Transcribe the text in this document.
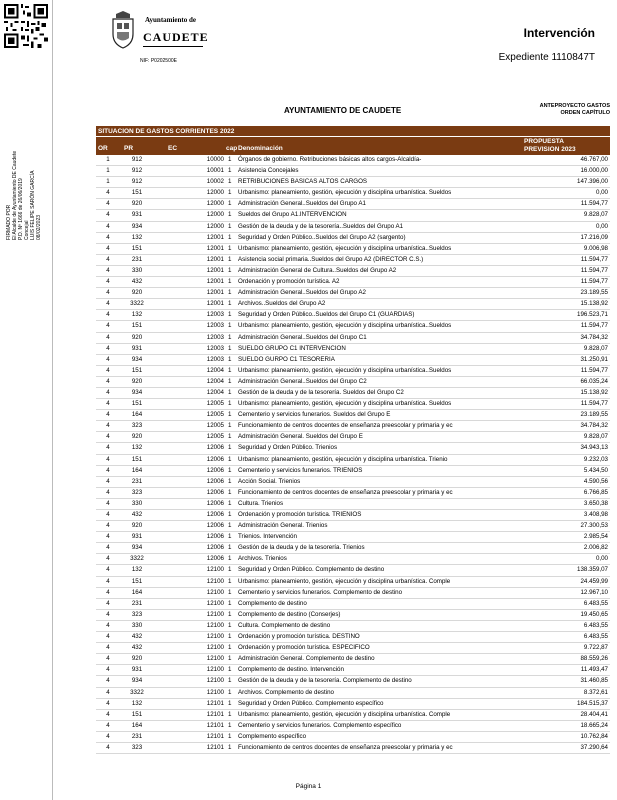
FIRMADO POR El Alcalde de Ayuntamiento DE Caudete P.D. Nº 1666 de 26/06/2019 Concejal LUIS FELIPE SARÓN GARCÍA 08/02/2023
Ayuntamiento de
CAUDETE
NIF: P0202500E
Intervención
Expediente 1110847T
AYUNTAMIENTO DE CAUDETE	ANTEPROYECTO GASTOS
ORDEN CAPÍTULO
SITUACION DE GASTOS CORRIENTES 2022
OR	PR	EC	cap Denominación
PROPUESTA
PREVISION 2023
1	912	10000 1	Órganos de gobierno. Retribuciones básicas altos cargos-Alcaldía-	46.767,00
1	912	10001 1	Asistencia Concejales	16.000,00
1	912	10002 1	RETRIBUCIONES BASICAS ALTOS CARGOS	147.396,00
4	151	12000 1	Urbanismo: planeamiento, gestión, ejecución y disciplina urbanística. Sueldos	0,00
4	920	12000 1	Administración General..Sueldos del Grupo A1	11.594,77
4	931	12000 1	Sueldos del Grupo A1.INTERVENCION	9.828,07
4	934	12000 1	Gestión de la deuda y de la tesorería..Sueldos del Grupo A1	0,00
4	132	12001 1	Seguridad y Orden Público..Sueldos del Grupo A2 (sargento)	17.216,09
4	151	12001 1	Urbanismo: planeamiento, gestión, ejecución y disciplina urbanística..Sueldos	9.006,98
4	231	12001 1	Asistencia social primaria..Sueldos del Grupo A2 (DIRECTOR C.S.)	11.594,77
4	330	12001 1	Administración General de Cultura..Sueldos del Grupo A2	11.594,77
4	432	12001 1	Ordenación y promoción turística. A2	11.594,77
4	920	12001 1	Administración General..Sueldos del Grupo A2	23.189,55
4	3322	12001 1	Archivos..Sueldos del Grupo A2	15.138,92
4	132	12003 1	Seguridad y Orden Público..Sueldos del Grupo C1 (GUARDIAS)	196.523,71
4	151	12003 1	Urbanismo: planeamiento, gestión, ejecución y disciplina urbanística..Sueldos	11.594,77
4	920	12003 1	Administración General..Sueldos del Grupo C1	34.784,32
4	931	12003 1	SUELDO GRUPO C1 INTERVENCION	9.828,07
4	934	12003 1	SUELDO GURPO C1 TESORERIA	31.250,91
4	151	12004 1	Urbanismo: planeamiento, gestión, ejecución y disciplina urbanística..Sueldos	11.594,77
4	920	12004 1	Administración General..Sueldos del Grupo C2	66.035,24
4	934	12004 1	Gestión de la deuda y de la tesorería. Sueldos del Grupo C2	15.138,92
4	151	12005 1	Urbanismo: planeamiento, gestión, ejecución y disciplina urbanística. Sueldos	11.594,77
4	164	12005 1	Cementerio y servicios funerarios. Sueldos del Grupo E	23.189,55
4	323	12005 1	Funcionamiento de centros docentes de enseñanza preescolar y primaria y ec	34.784,32
4	920	12005 1	Administración General. Sueldos del Grupo E	9.828,07
4	132	12006 1	Seguridad y Orden Público. Trienios	34.943,13
4	151	12006 1	Urbanismo: planeamiento, gestión, ejecución y disciplina urbanística. Trienio	9.232,03
4	164	12006 1	Cementerio y servicios funerarios. TRIENIOS	5.434,50
4	231	12006 1	Acción Social. Trienios	4.590,56
4	323	12006 1	Funcionamiento de centros docentes de enseñanza preescolar y primaria y ec	6.766,85
4	330	12006 1	Cultura. Trienios	3.650,38
4	432	12006 1	Ordenación y promoción turística. TRIENIOS	3.408,98
4	920	12006 1	Administración General. Trienios	27.300,53
4	931	12006 1	Trienios. Intervención	2.985,54
4	934	12006 1	Gestión de la deuda y de la tesorería. Trienios	2.006,82
4	3322	12006 1	Archivos. Trienios	0,00
4	132	12100 1	Seguridad y Orden Público. Complemento de destino	138.359,07
4	151	12100 1	Urbanismo: planeamiento, gestión, ejecución y disciplina urbanística. Comple	24.459,99
4	164	12100 1	Cementerio y servicios funerarios. Complemento de destino	12.967,10
4	231	12100 1	Complemento de destino	6.483,55
4	323	12100 1	Complemento de destino (Conserjes)	19.450,65
4	330	12100 1	Cultura. Complemento de destino	6.483,55
4	432	12100 1	Ordenación y promoción turística. DESTINO	6.483,55
4	432	12100 1	Ordenación y promoción turística. ESPECIFICO	9.722,87
4	920	12100 1	Administración General. Complemento de destino	88.559,26
4	931	12100 1	Complemento de destino. Intervención	11.493,47
4	934	12100 1	Gestión de la deuda y de la tesorería. Complemento de destino	31.460,85
4	3322	12100 1	Archivos. Complemento de destino	8.372,61
4	132	12101 1	Seguridad y Orden Público. Complemento específico	184.515,37
4	151	12101 1	Urbanismo: planeamiento, gestión, ejecución y disciplina urbanística. Comple	28.404,41
4	164	12101 1	Cementerio y servicios funerarios. Complemento específico	18.665,24
4	231	12101 1	Complemento específico	10.762,84
4	323	12101 1	Funcionamiento de centros docentes de enseñanza preescolar y primaria y ec	37.290,64
Página 1
